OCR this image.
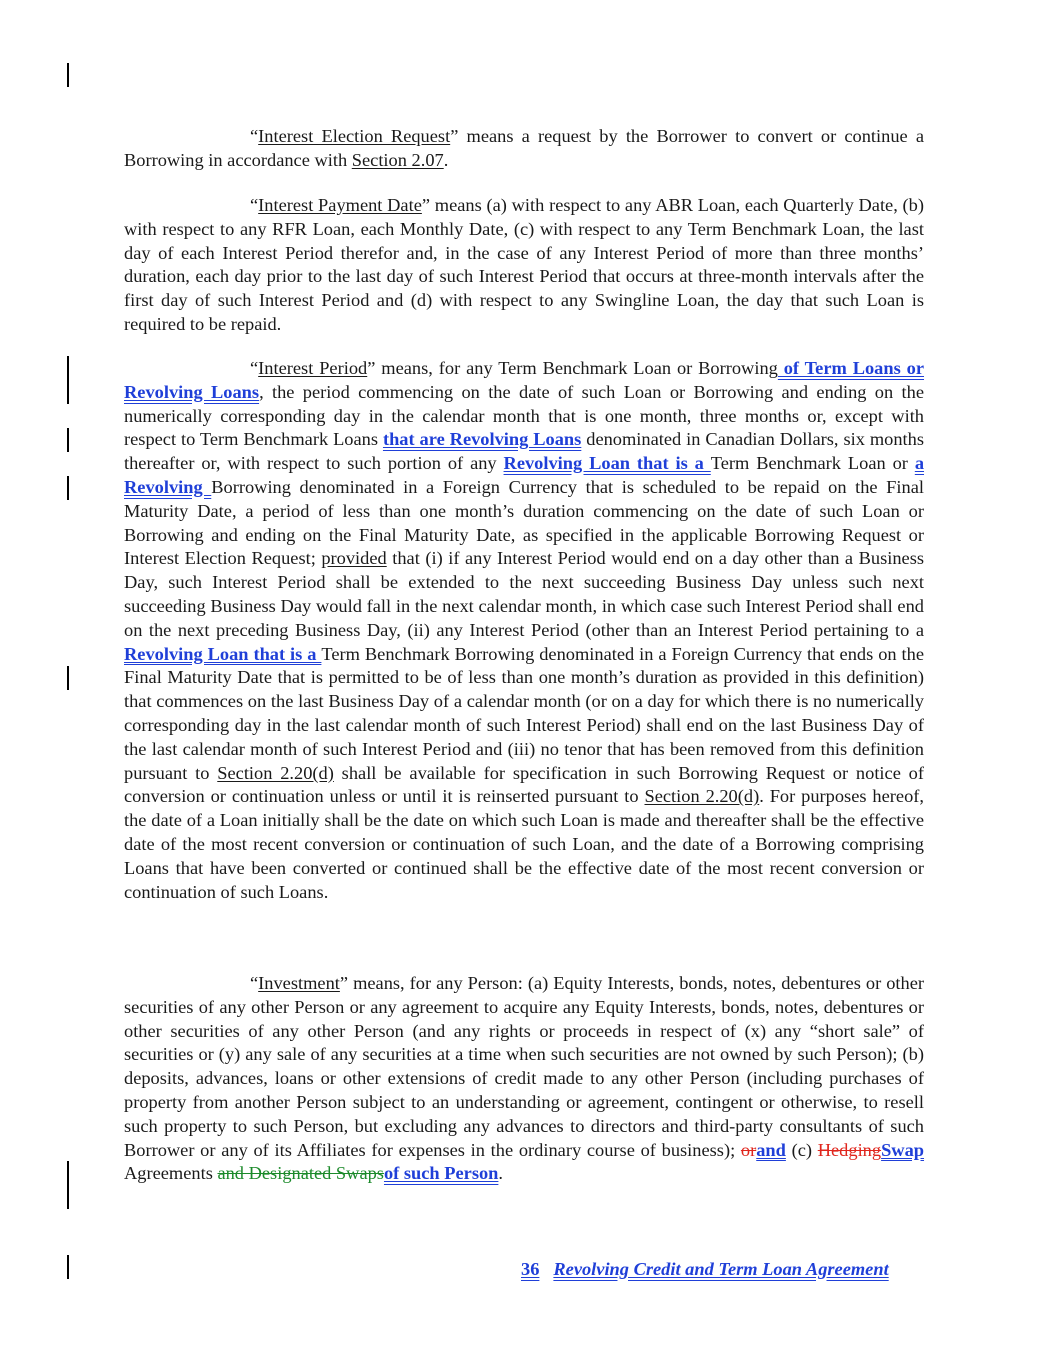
“Interest Election Request” means a request by the Borrower to convert or continue a Borrowing in accordance with Section 2.07.

“Interest Payment Date” means (a) with respect to any ABR Loan, each Quarterly Date, (b) with respect to any RFR Loan, each Monthly Date, (c) with respect to any Term Benchmark Loan, the last day of each Interest Period therefor and, in the case of any Interest Period of more than three months’ duration, each day prior to the last day of such Interest Period that occurs at three-month intervals after the first day of such Interest Period and (d) with respect to any Swingline Loan, the day that such Loan is required to be repaid.

“Interest Period” means, for any Term Benchmark Loan or Borrowing of Term Loans or Revolving Loans, the period commencing on the date of such Loan or Borrowing and ending on the numerically corresponding day in the calendar month that is one month, three months or, except with respect to Term Benchmark Loans that are Revolving Loans denominated in Canadian Dollars, six months thereafter or, with respect to such portion of any Revolving Loan that is a Term Benchmark Loan or a Revolving Borrowing denominated in a Foreign Currency that is scheduled to be repaid on the Final Maturity Date, a period of less than one month’s duration commencing on the date of such Loan or Borrowing and ending on the Final Maturity Date, as specified in the applicable Borrowing Request or Interest Election Request; provided that (i) if any Interest Period would end on a day other than a Business Day, such Interest Period shall be extended to the next succeeding Business Day unless such next succeeding Business Day would fall in the next calendar month, in which case such Interest Period shall end on the next preceding Business Day, (ii) any Interest Period (other than an Interest Period pertaining to a Revolving Loan that is a Term Benchmark Borrowing denominated in a Foreign Currency that ends on the Final Maturity Date that is permitted to be of less than one month’s duration as provided in this definition) that commences on the last Business Day of a calendar month (or on a day for which there is no numerically corresponding day in the last calendar month of such Interest Period) shall end on the last Business Day of the last calendar month of such Interest Period and (iii) no tenor that has been removed from this definition pursuant to Section 2.20(d) shall be available for specification in such Borrowing Request or notice of conversion or continuation unless or until it is reinserted pursuant to Section 2.20(d). For purposes hereof, the date of a Loan initially shall be the date on which such Loan is made and thereafter shall be the effective date of the most recent conversion or continuation of such Loan, and the date of a Borrowing comprising Loans that have been converted or continued shall be the effective date of the most recent conversion or continuation of such Loans.

“Investment” means, for any Person: (a) Equity Interests, bonds, notes, debentures or other securities of any other Person or any agreement to acquire any Equity Interests, bonds, notes, debentures or other securities of any other Person (and any rights or proceeds in respect of (x) any “short sale” of securities or (y) any sale of any securities at a time when such securities are not owned by such Person); (b) deposits, advances, loans or other extensions of credit made to any other Person (including purchases of property from another Person subject to an understanding or agreement, contingent or otherwise, to resell such property to such Person, but excluding any advances to directors and third-party consultants of such Borrower or any of its Affiliates for expenses in the ordinary course of business); orand (c) HedgingSwap Agreements and Designated Swapsof such Person.

36 Revolving Credit and Term Loan Agreement
